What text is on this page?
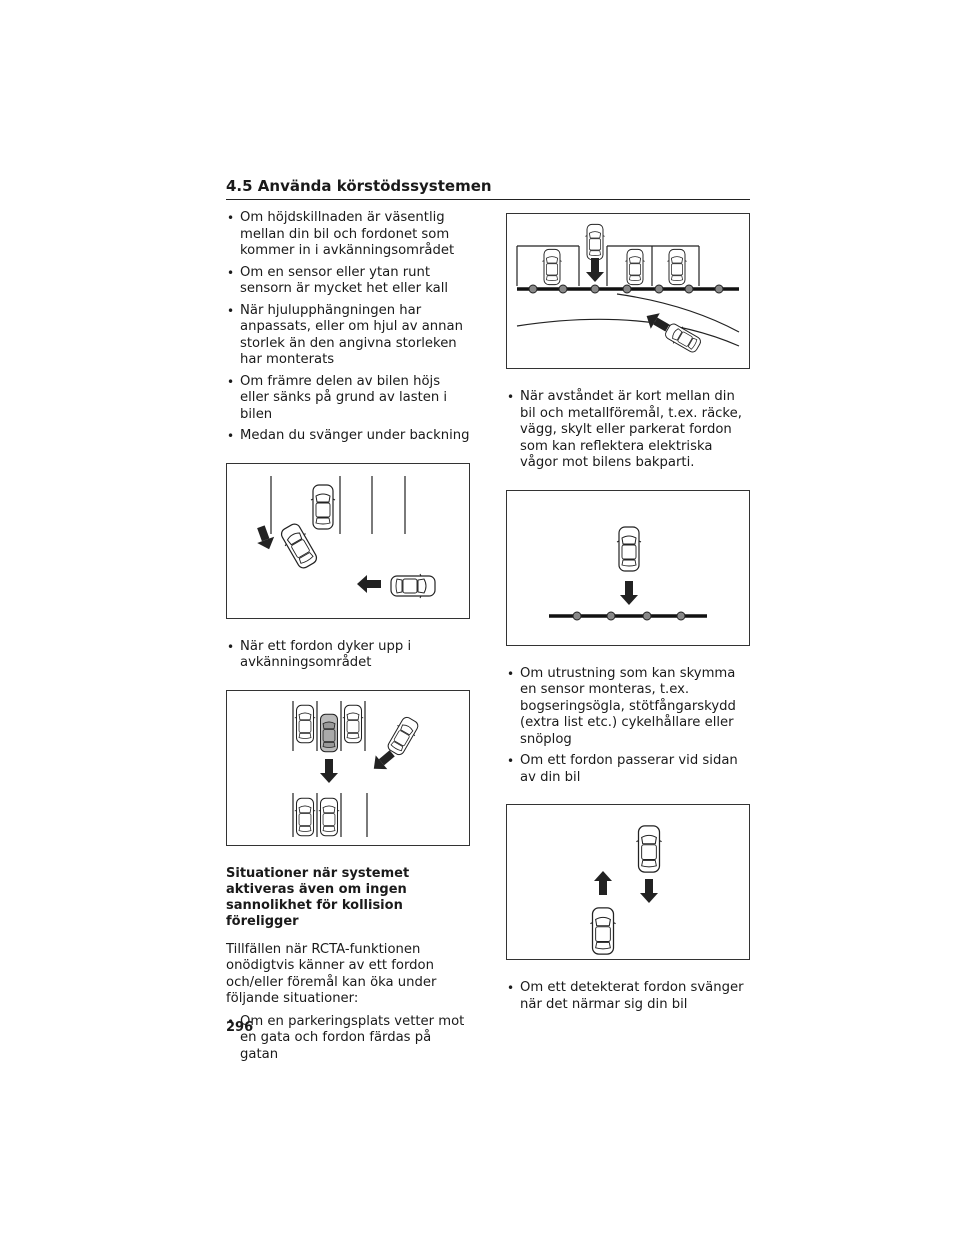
4.5 Använda körstödssystemen
• Om höjdskillnaden är väsentlig mellan din bil och fordonet som kommer in i avkänningsområdet
• Om en sensor eller ytan runt sensorn är mycket het eller kall
• När hjulupphängningen har anpassats, eller om hjul av annan storlek än den angivna storleken har monterats
• Om främre delen av bilen höjs eller sänks på grund av lasten i bilen
• Medan du svänger under backning
• När ett fordon dyker upp i avkänningsområdet
Situationer när systemet aktiveras även om ingen sannolikhet för kollision föreligger

Tillfällen när RCTA-funktionen onödigtvis känner av ett fordon och/eller föremål kan öka under följande situationer:

• Om en parkeringsplats vetter mot en gata och fordon färdas på gatan
• När avståndet är kort mellan din bil och metallföremål, t.ex. räcke, vägg, skylt eller parkerat fordon som kan reflektera elektriska vågor mot bilens bakparti.
• Om utrustning som kan skymma en sensor monteras, t.ex. bogseringsögla, stötfångarskydd (extra list etc.) cykelhållare eller snöplog
• Om ett fordon passerar vid sidan av din bil
• Om ett detekterat fordon svänger när det närmar sig din bil
296
